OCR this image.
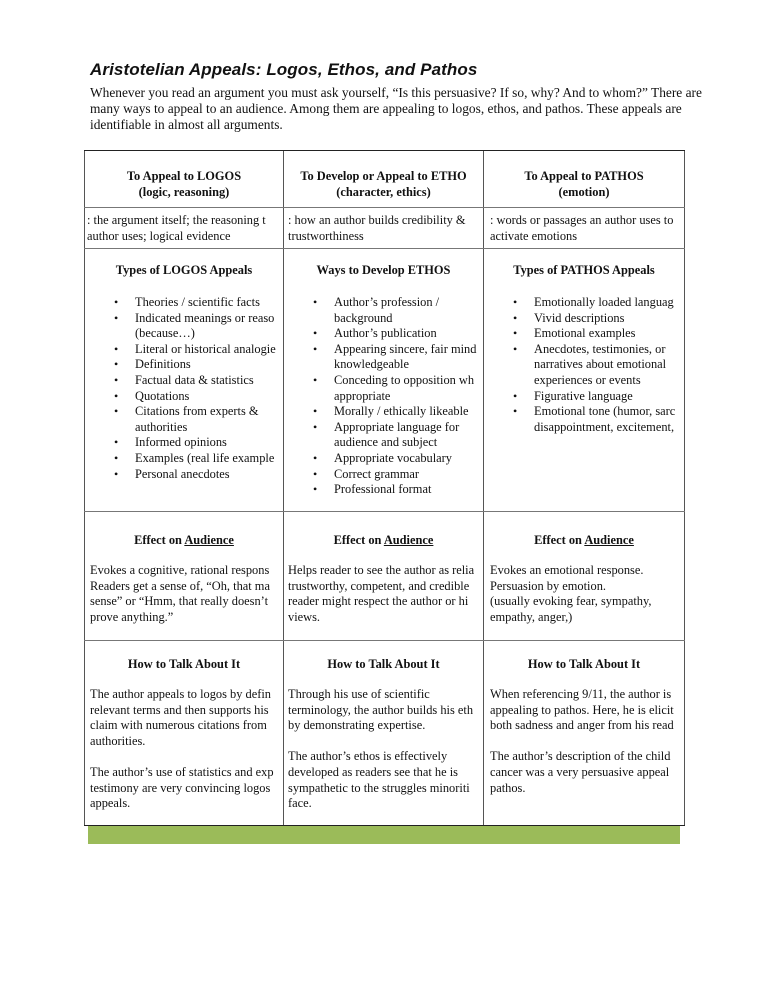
Aristotelian Appeals: Logos, Ethos, and Pathos
Whenever you read an argument you must ask yourself, “Is this persuasive? If so, why? And to whom?” There are many ways to appeal to an audience. Among them are appealing to logos, ethos, and pathos. These appeals are identifiable in almost all arguments.
To Appeal to LOGOS
(logic, reasoning)
: the argument itself; the reasoning t
author uses; logical evidence
Types of LOGOS Appeals
• Theories / scientific facts
• Indicated meanings or reaso
(because…)
• Literal or historical analogie
• Definitions
• Factual data & statistics
• Quotations
• Citations from experts &
authorities
• Informed opinions
• Examples (real life example
• Personal anecdotes
Effect on Audience
Evokes a cognitive, rational respons
Readers get a sense of, “Oh, that ma
sense” or “Hmm, that really doesn’t
prove anything.”
How to Talk About It
The author appeals to logos by defin
relevant terms and then supports his
claim with numerous citations from
authorities.
The author’s use of statistics and exp
testimony are very convincing logos
appeals.
To Develop or Appeal to ETHO
(character, ethics)
: how an author builds credibility &
trustworthiness
Ways to Develop ETHOS
• Author’s profession /
background
• Author’s publication
• Appearing sincere, fair mind
knowledgeable
• Conceding to opposition wh
appropriate
• Morally / ethically likeable
• Appropriate language for
audience and subject
• Appropriate vocabulary
• Correct grammar
• Professional format
Effect on Audience
Helps reader to see the author as relia
trustworthy, competent, and credible
reader might respect the author or hi
views.
How to Talk About It
Through his use of scientific
terminology, the author builds his eth
by demonstrating expertise.
The author’s ethos is effectively
developed as readers see that he is
sympathetic to the struggles minoriti
face.
To Appeal to PATHOS
(emotion)
: words or passages an author uses to
activate emotions
Types of PATHOS Appeals
• Emotionally loaded languag
• Vivid descriptions
• Emotional examples
• Anecdotes, testimonies, or
narratives about emotional
experiences or events
• Figurative language
• Emotional tone (humor, sarc
disappointment, excitement,
Effect on Audience
Evokes an emotional response.
Persuasion by emotion.
(usually evoking fear, sympathy,
empathy, anger,)
How to Talk About It
When referencing 9/11, the author is
appealing to pathos. Here, he is elicit
both sadness and anger from his read
The author’s description of the child
cancer was a very persuasive appeal
pathos.
